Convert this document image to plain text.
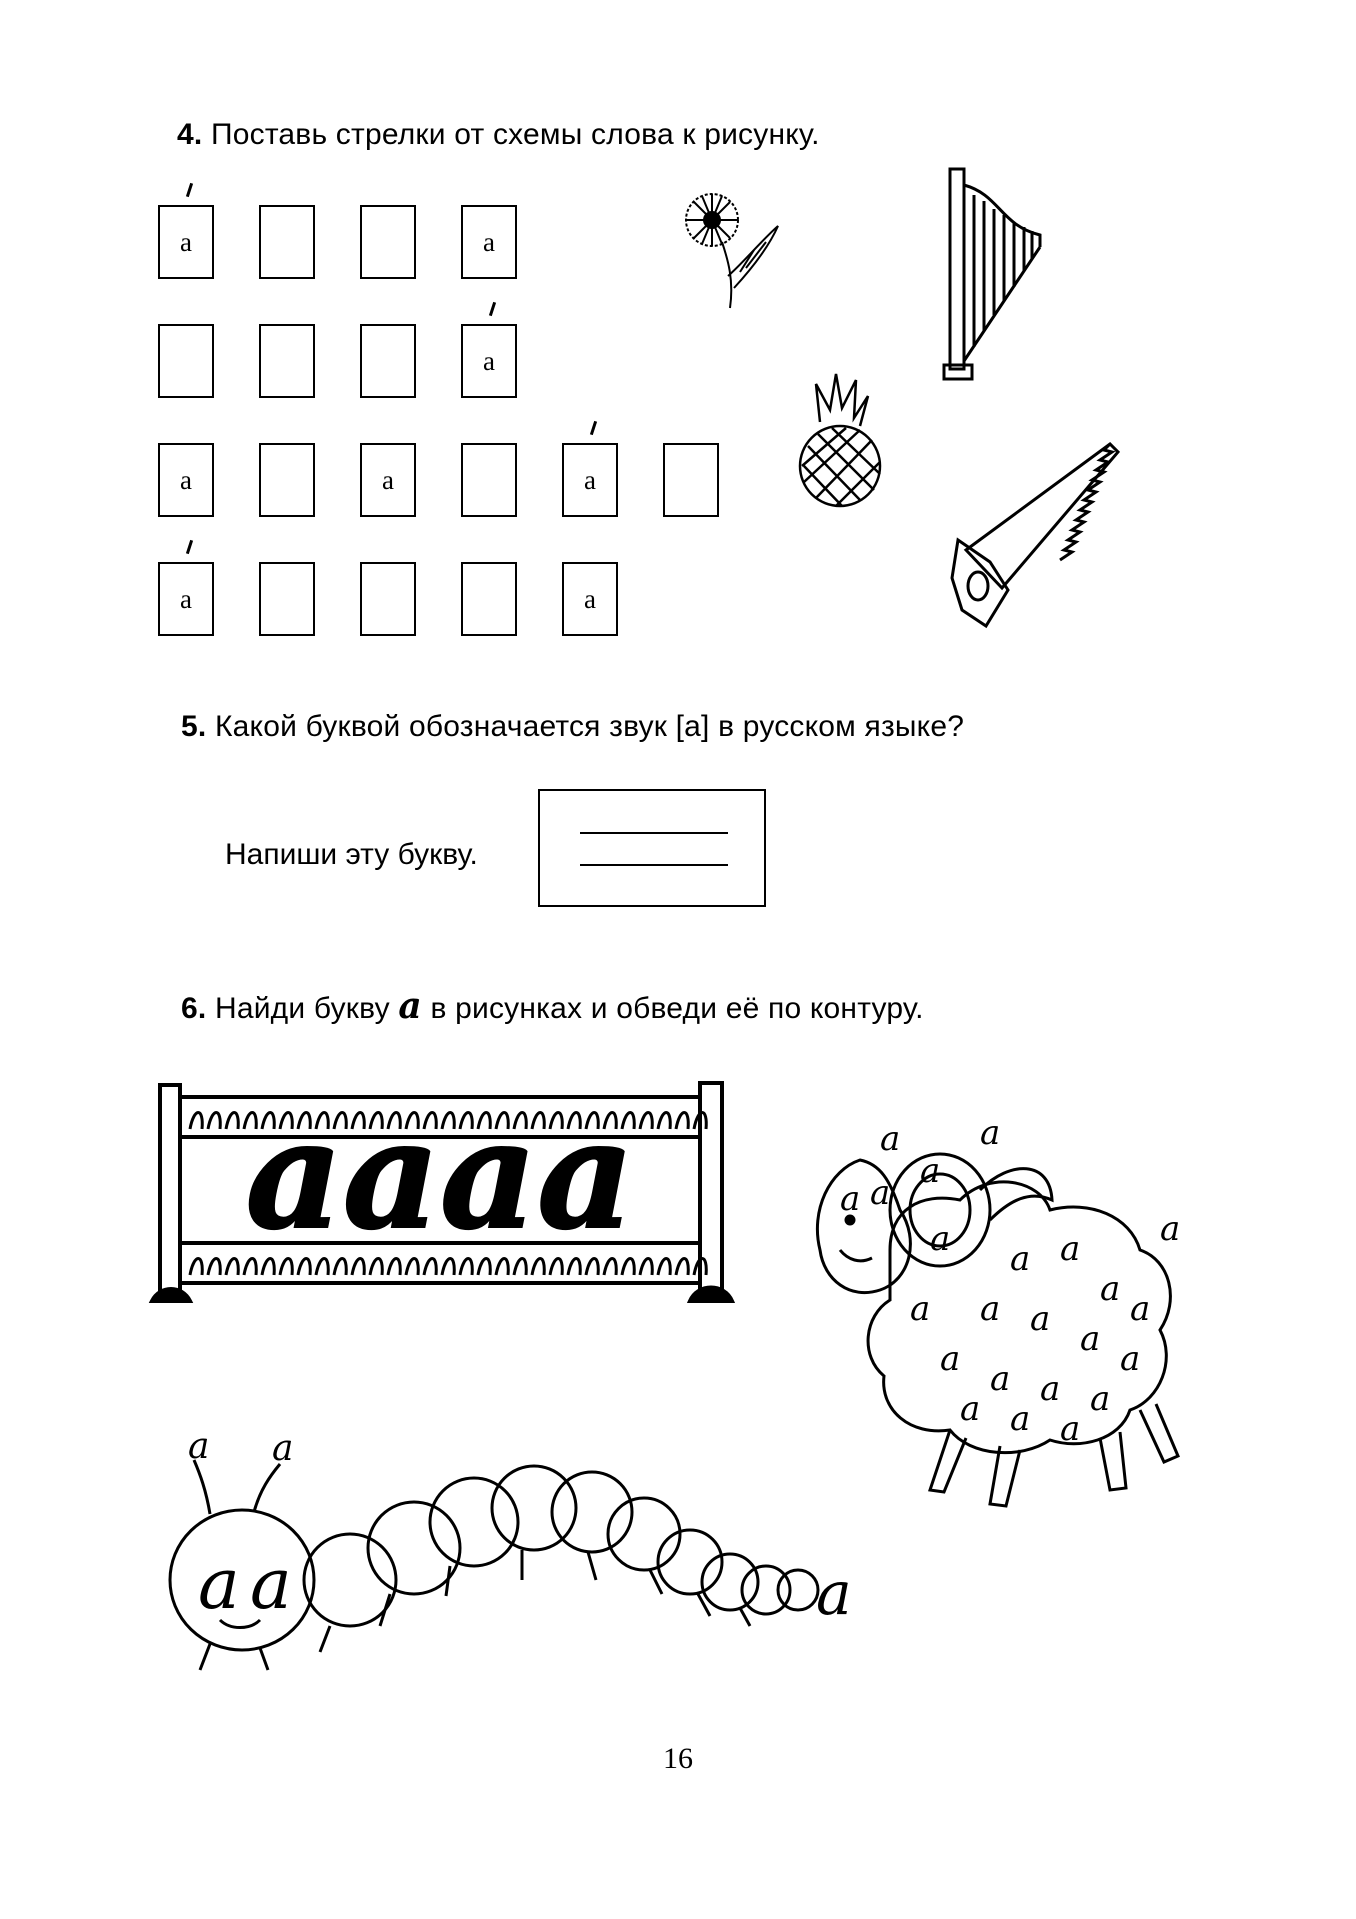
4. Поставь стрелки от схемы слова к рисунку.
а	а
а
а	а	а
а	а
5. Какой буквой обозначается звук [а] в русском языке?
Напиши эту букву.
6. Найди букву а в рисунках и обведи её по контуру.
аааа	а а а
а
а а а а
а а а а
а а а
а
а
а
а а
а
а а
а а
а а	а
16
